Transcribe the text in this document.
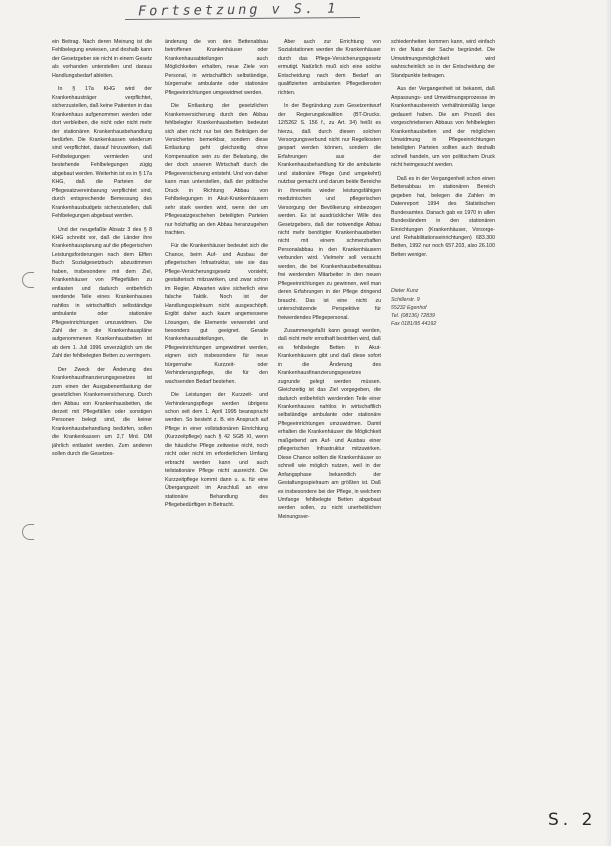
Fortsetzung v S. 1

ein Beitrag. Nach deren Meinung ist die Fehlbelegung erwiesen, und deshalb kann der Gesetzgeber sie nicht in einem Gesetz als vorhanden unterstellen und daraus Handlungsbedarf ableiten.

In § 17a KHG wird der Krankenhausträger verpflichtet, sicherzustellen, daß keine Patienten in das Krankenhaus aufgenommen werden oder dort verbleiben, die nicht oder nicht mehr der stationären Krankenhausbehandlung bedürfen. Die Krankenkassen wiederum sind verpflichtet, darauf hinzuwirken, daß Fehlbelegungen vermieden und bestehende Fehlbelegungen zügig abgebaut werden. Weiterhin ist es in § 17a KHG, daß die Parteien der Pflegesatzvereinbarung verpflichtet sind, durch entsprechende Bemessung des Krankenhausbudgets sicherzustellen, daß Fehlbelegungen abgebaut werden.

Und der neugefaßte Absatz 3 des § 8 KHG schreibt vor, daß die Länder ihre Krankenhausplanung auf die pflegerischen Leistungsforderungen nach dem Elften Buch Sozialgesetzbuch abzustimmen haben, insbesondere mit dem Ziel, Krankenhäuser von Pflegefällen zu entlasten und dadurch entbehrlich werdende Teile eines Krankenhauses nahtlos in wirtschaftlich selbständige ambulante oder stationäre Pflegeeinrichtungen umzuwidmen. Die Zahl der in die Krankenhauspläne aufgenommenen Krankenhausbetten ist ab dem 1. Juli 1996 unverzüglich um die Zahl der fehlbelegten Betten zu verringern.

Der Zweck der Änderung des Krankenhausfinanzierungsgesetzes ist zum einen der Ausgabenentlastung der gesetzlichen Krankenversicherung. Durch den Abbau von Krankenhausbetten, die derzeit mit Pflegefällen oder sonstigen Personen belegt sind, die keiner Krankenhausbehandlung bedürfen, sollen die Krankenkassen um 2,7 Mrd. DM jährlich entlastet werden. Zum anderen sollen durch die Gesetzes-

änderung die von den Bettenabbau betroffenen Krankenhäuser oder Krankenhausabteilungen auch Möglichkeiten erhalten, neue Ziele von Personal, in wirtschaftlich selbständige, bürgernahe ambulante oder stationäre Pflegeeinrichtungen umgewidmet werden.

Die Entlastung der gesetzlichen Krankenversicherung durch den Abbau fehlbelegter Krankenhausbetten bedeutet sich aber nicht nur bei den Beiträgen der Versicherten bemerkbar, sondern diese Entlastung geht gleichzeitig ohne Kompensation sein zu der Belastung, die der doch unseren Wirtschaft durch die Pflegeversicherung entsteht. Und von daher kann man unterstellen, daß der politische Druck in Richtung Abbau von Fehlbelegungen in Akut-Krankenhäusern sehr stark werden wird, wenn der um Pflegesatzgeschehen beteiligten Parteien nur holzhaftig an den Abbau heranzugehen trachten.

Für die Krankenhäuser bedeutet sich die Chance, beim Auf- und Ausbau der pflegerischen Infrastruktur, wie sie das Pflege-Versicherungsgesetz vorsieht, gestalterisch mitzuwirken, und zwar schon im Regier. Abwarten wäre sicherlich eine falsche Taktik. Noch ist der Handlungsspielraum nicht ausgeschöpft. Ergibt daher auch kaum angemessene Lösungen, die Elemente verwendet und besonders gut geeignet. Gerade Krankenhausabteilungen, die in Pflegeeinrichtungen umgewidmet werden, eignen sich insbesondere für neue bürgernahe Kurzzeit- oder Verhinderungspflege, die für den wachsenden Bedarf bestehen.

Die Leistungen der Kurzzeit- und Verhinderungspflege werden übrigens schon seit dem 1. April 1995 beansprucht werden. So besteht z. B. ein Anspruch auf Pflege in einer vollstationären Einrichtung (Kurzzeitpflege) nach § 42 SGB XI, wenn die häusliche Pflege zeitweise nicht, noch nicht oder nicht im erforderlichen Umfang erbracht werden kann und auch teilstationäre Pflege nicht ausreicht. Die Kurzzeitpflege kommt dann u. a. für eine Übergangszeit im Anschluß an eine stationäre Behandlung des Pflegebedürftigen in Betracht.

Aber auch zur Errichtung von Sozialstationen werden die Krankenhäuser durch das Pflege-Versicherungsgesetz ermutigt. Natürlich muß sich eine solche Entscheidung nach dem Bedarf an qualifizierten ambulanten Pflegediensten richten.

In der Begründung zum Gesetzentwurf der Regierungskoalition (BT-Drucks. 12/5262 S. 156 f., zu Art. 34) heißt es hierzu, daß durch diesen solchen Versorgungsverbund nicht nur Regelkosten gespart werden können, sondern die Erfahrungen aus der Krankenhausbehandlung für die ambulante und stationäre Pflege (und umgekehrt) nutzbar gemacht und darum beide Bereiche in ihrerseits wieder leistungsfähigen medizinischen und pflegerischen Versorgung der Bevölkerung einbezogen werden. Es ist ausdrücklicher Wille des Gesetzgebers, daß der notwendige Abbau nicht mehr benötigter Krankenhausbetten nicht mit einem schmerzhaften Personalabbau in den Krankenhäusern verbunden wird. Vielmehr soll versucht werden, die bei Krankenhausbettenabbau frei werdenden Mitarbeiter in den neuen Pflegeeinrichtungen zu gewinnen, weil man deren Erfahrungen in der Pflege dringend braucht. Das ist eine nicht zu unterschätzende Perspektive für freiwerdendes Pflegepersonal.

Zusammengefaßt kann gesagt werden, daß nicht mehr ernsthaft bestritten wird, daß es fehlbelegte Betten in Akut-Krankenhäusern gibt und daß diese sofort in die Änderung des Krankenhausfinanzierungsgesetzes zugrunde gelegt werden müssen. Gleichzeitig ist das Ziel vorgegeben, die dadurch entbehrlich werdenden Teile einer Krankenhauses nahtlos in wirtschaftlich selbständige ambulante oder stationäre Pflegeeinrichtungen umzuwidmen. Damit erhalten die Krankenhäuser die Möglichkeit maßgebend am Auf- und Ausbau einer pflegerischen Infrastruktur mitzuwirken. Diese Chance sollten die Krankenhäuser so schnell wie möglich nutzen, weil in der Anfangsphase bekanntlich der Gestaltungsspielraum am größten ist. Daß es insbesondere bei der Pflege, in welchem Umfange fehlbelegte Betten abgebaut werden sollen, zu nicht unerheblichen Meinungsver-

schiedenheiten kommen kann, wird einfach in der Natur der Sache begründet. Die Umwidmungsmöglichkeit wird wahrscheinlich so in der Entscheidung der Standpunkte beitragen.

Aus der Vergangenheit ist bekannt, daß Anpassungs- und Umwidmungsprozesse im Krankenhausbereich verhältnismäßig lange gedauert haben. Die am Prozeß des vorgeschriebenen Abbaus von fehlbelegten Krankenhausbetten und der möglichen Umwidmung in Pflegeeinrichtungen beteiligten Parteien sollten auch deshalb schnell handeln, um von politischem Druck nicht heimgesucht werden.

Daß es in der Vergangenheit schon einen Bettenabbau im stationären Bereich gegeben hat, belegen die Zahlen im Datenreport 1994 des Statistischen Bundesamtes. Danach gab es 1970 in allen Bundesländern in den stationären Einrichtungen (Krankenhäuser, Vorsorge- und Rehabilitationseinrichtungen) 683.300 Betten, 1992 nur noch 657.203, also 26.100 Betten weniger.

Dieter Kunz
Schillerstr. 9
55232 Egenhof
Tel. (08136) 72839
Fax 0181/95 44192
S. 2
